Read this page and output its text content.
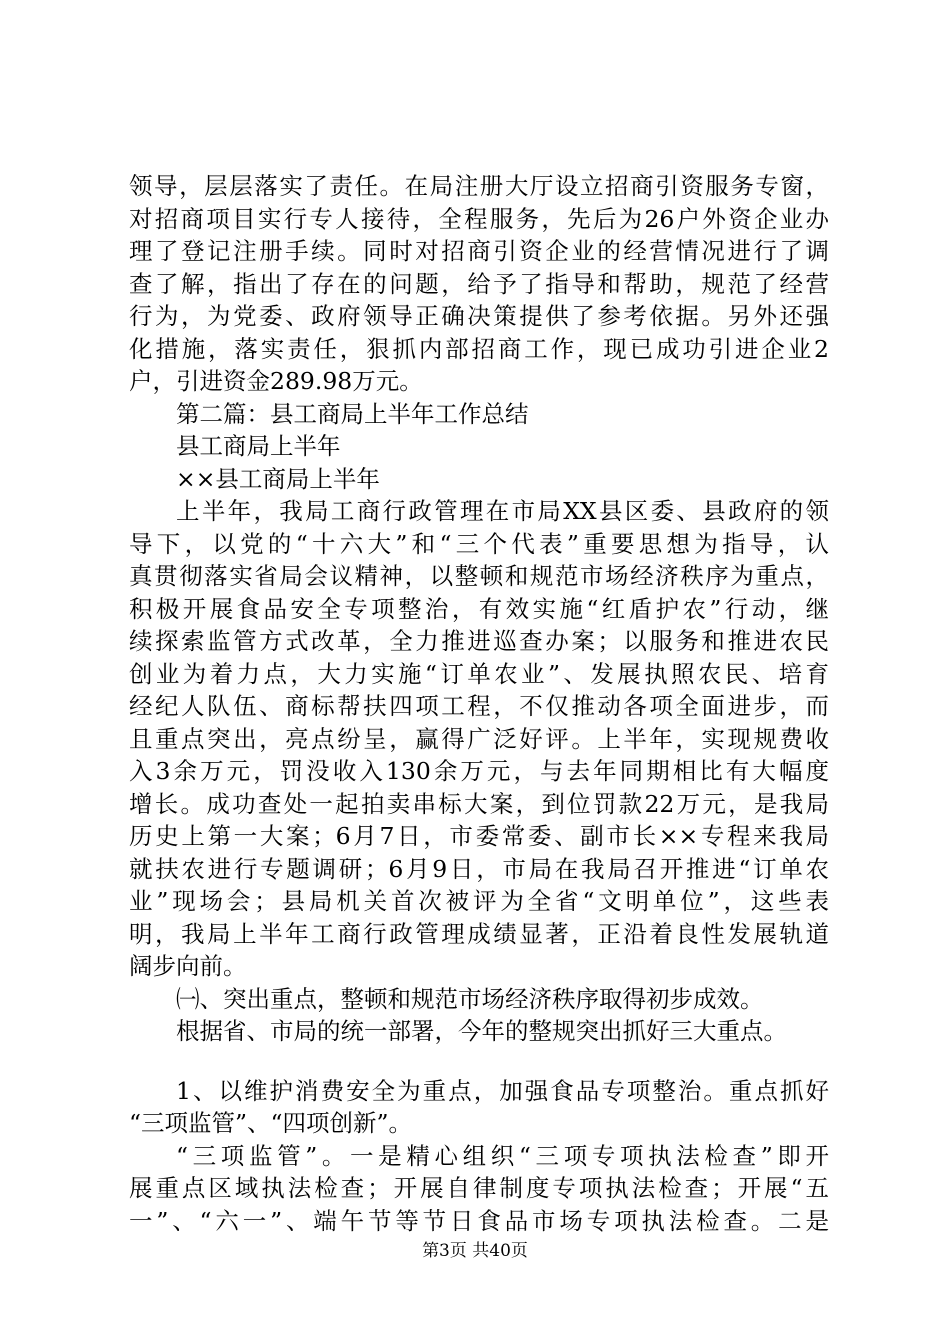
领导，层层落实了责任。在局注册大厅设立招商引资服务专窗，
对招商项目实行专人接待，全程服务，先后为26户外资企业办
理了登记注册手续。同时对招商引资企业的经营情况进行了调
查了解，指出了存在的问题，给予了指导和帮助，规范了经营
行为，为党委、政府领导正确决策提供了参考依据。另外还强
化措施，落实责任，狠抓内部招商工作，现已成功引进企业2
户，引进资金289.98万元。
第二篇：县工商局上半年工作总结
县工商局上半年
××县工商局上半年
上半年，我局工商行政管理在市局XX县区委、县政府的领
导下，以党的“十六大”和“三个代表”重要思想为指导，认
真贯彻落实省局会议精神，以整顿和规范市场经济秩序为重点，
积极开展食品安全专项整治，有效实施“红盾护农”行动，继
续探索监管方式改革，全力推进巡查办案；以服务和推进农民
创业为着力点，大力实施“订单农业”、发展执照农民、培育
经纪人队伍、商标帮扶四项工程，不仅推动各项全面进步，而
且重点突出，亮点纷呈，赢得广泛好评。上半年，实现规费收
入3余万元，罚没收入130余万元，与去年同期相比有大幅度
增长。成功查处一起拍卖串标大案，到位罚款22万元，是我局
历史上第一大案；6月7日，市委常委、副市长××专程来我局
就扶农进行专题调研；6月9日，市局在我局召开推进“订单农
业”现场会；县局机关首次被评为全省“文明单位”，这些表
明，我局上半年工商行政管理成绩显著，正沿着良性发展轨道
阔步向前。
㈠、突出重点，整顿和规范市场经济秩序取得初步成效。
根据省、市局的统一部署，今年的整规突出抓好三大重点。
1、以维护消费安全为重点，加强食品专项整治。重点抓好
“三项监管”、“四项创新”。
“三项监管”。一是精心组织“三项专项执法检查”即开
展重点区域执法检查；开展自律制度专项执法检查；开展“五
一”、“六一”、端午节等节日食品市场专项执法检查。二是
第3页 共40页
